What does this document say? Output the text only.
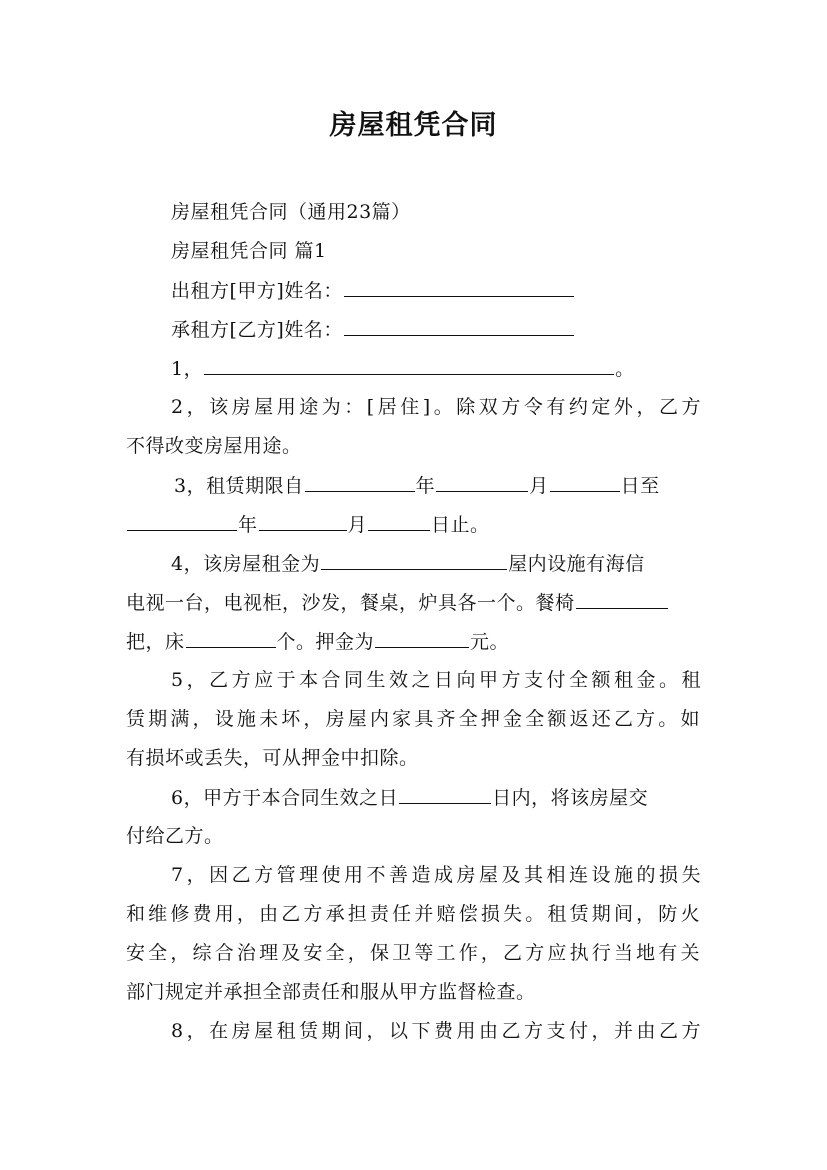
房屋租凭合同
房屋租凭合同（通用23篇）
房屋租凭合同 篇1
出租方[甲方]姓名：
承租方[乙方]姓名：
1，	。
2，该房屋用途为：[居住]。除双方令有约定外，乙方
不得改变房屋用途。
3，租赁期限自	年	月	日至
年	月	日止。
4，该房屋租金为	屋内设施有海信
电视一台，电视柜，沙发，餐桌，炉具各一个。餐椅
把，床	个。押金为	元。
5，乙方应于本合同生效之日向甲方支付全额租金。租
赁期满，设施未坏，房屋内家具齐全押金全额返还乙方。如
有损坏或丢失，可从押金中扣除。
6，甲方于本合同生效之日	日内，将该房屋交
付给乙方。
7，因乙方管理使用不善造成房屋及其相连设施的损失
和维修费用，由乙方承担责任并赔偿损失。租赁期间，防火
安全，综合治理及安全，保卫等工作，乙方应执行当地有关
部门规定并承担全部责任和服从甲方监督检查。
8，在房屋租赁期间，以下费用由乙方支付，并由乙方
